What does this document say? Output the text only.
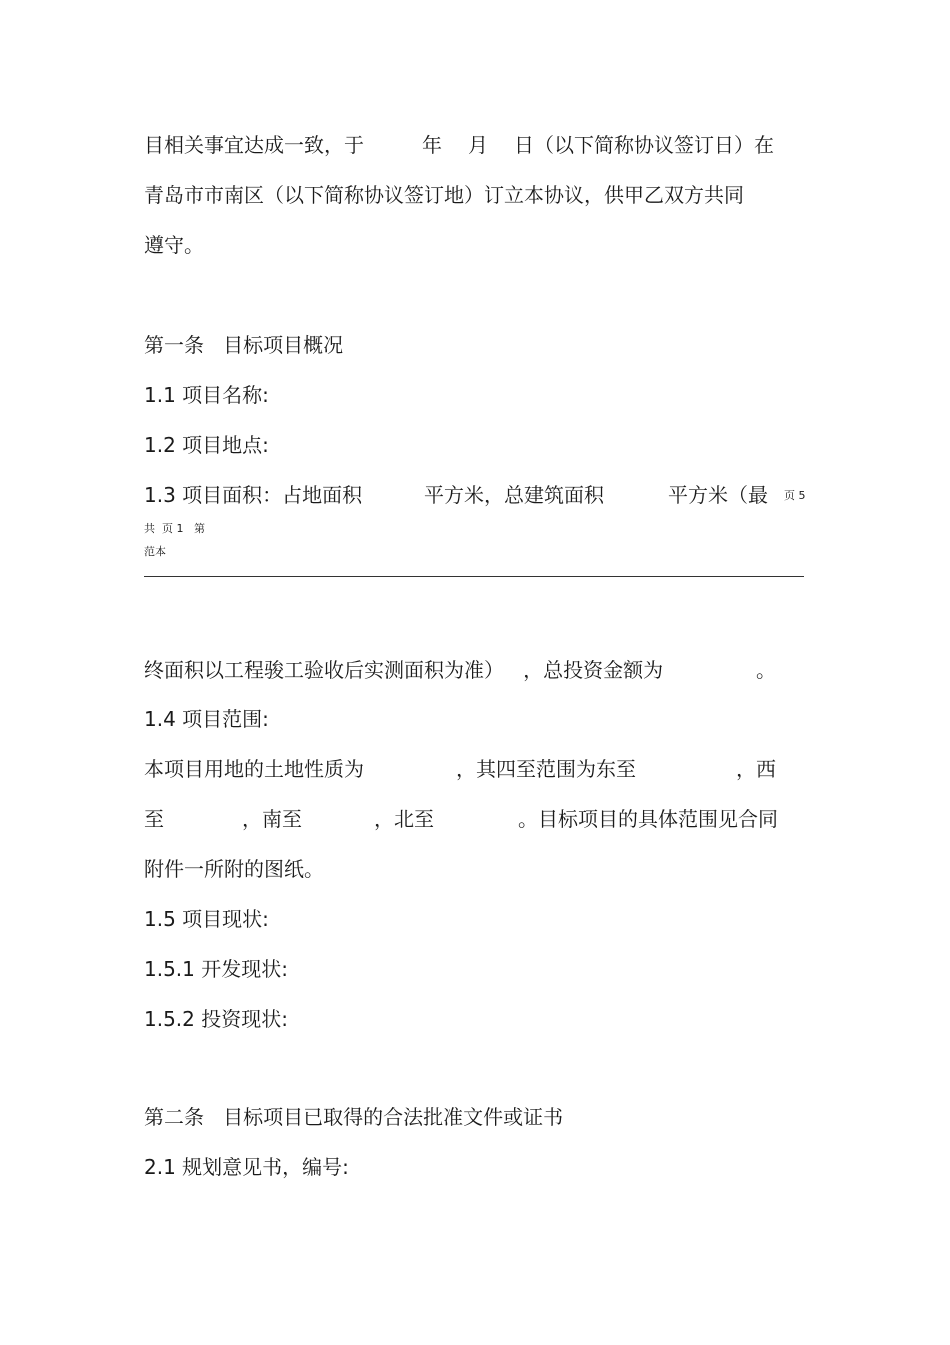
目相关事宜达成一致，于	年 月 日（以下简称协议签订日）在
青岛市市南区（以下简称协议签订地）订立本协议，供甲乙双方共同
遵守。
第一条   目标项目概况
1.1 项目名称:
1.2 项目地点:
1.3 项目面积：占地面积	平方米，总建筑面积	平方米（最 页 5
共  页 1   第
范本
终面积以工程骏工验收后实测面积为准）   ，总投资金额为	。
1.4 项目范围:
本项目用地的土地性质为	，其四至范围为东至	，西
至	，南至	，北至	。目标项目的具体范围见合同
附件一所附的图纸。
1.5 项目现状:
1.5.1 开发现状:
1.5.2 投资现状:
第二条   目标项目已取得的合法批准文件或证书
2.1 规划意见书，编号:
